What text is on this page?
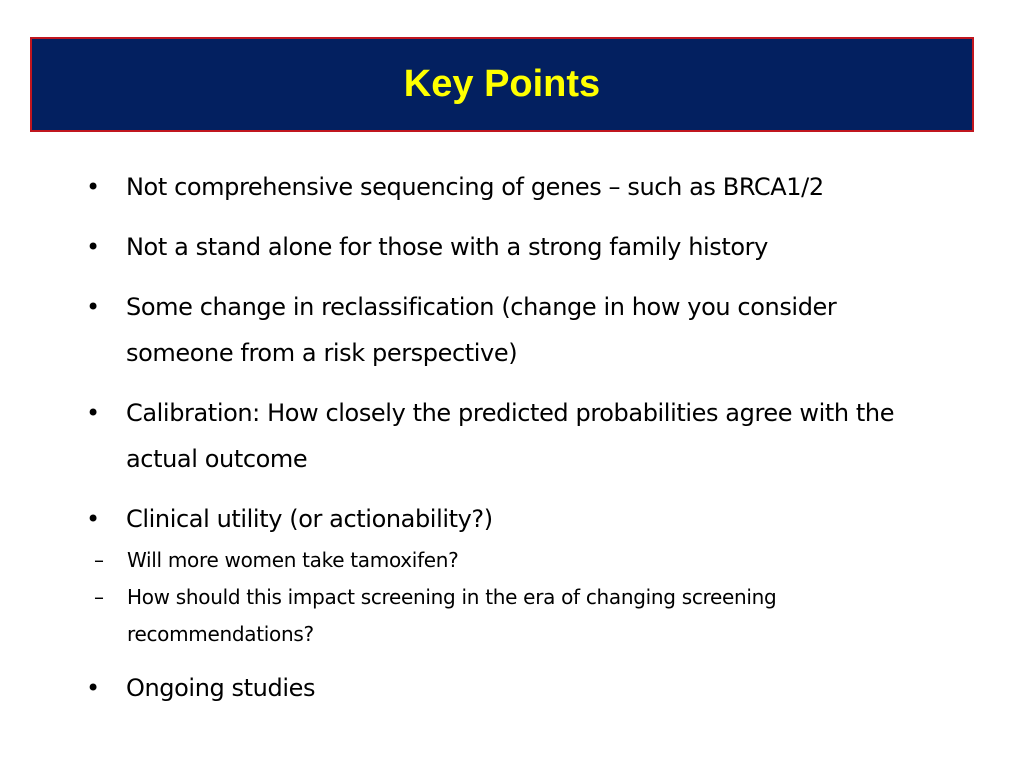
Key Points
• Not comprehensive sequencing of genes – such as BRCA1/2
• Not a stand alone for those with a strong family history
• Some change in reclassification (change in how you consider someone from a risk perspective)
• Calibration: How closely the predicted probabilities agree with the actual outcome
• Clinical utility (or actionability?)
– Will more women take tamoxifen?
– How should this impact screening in the era of changing screening recommendations?
• Ongoing studies
